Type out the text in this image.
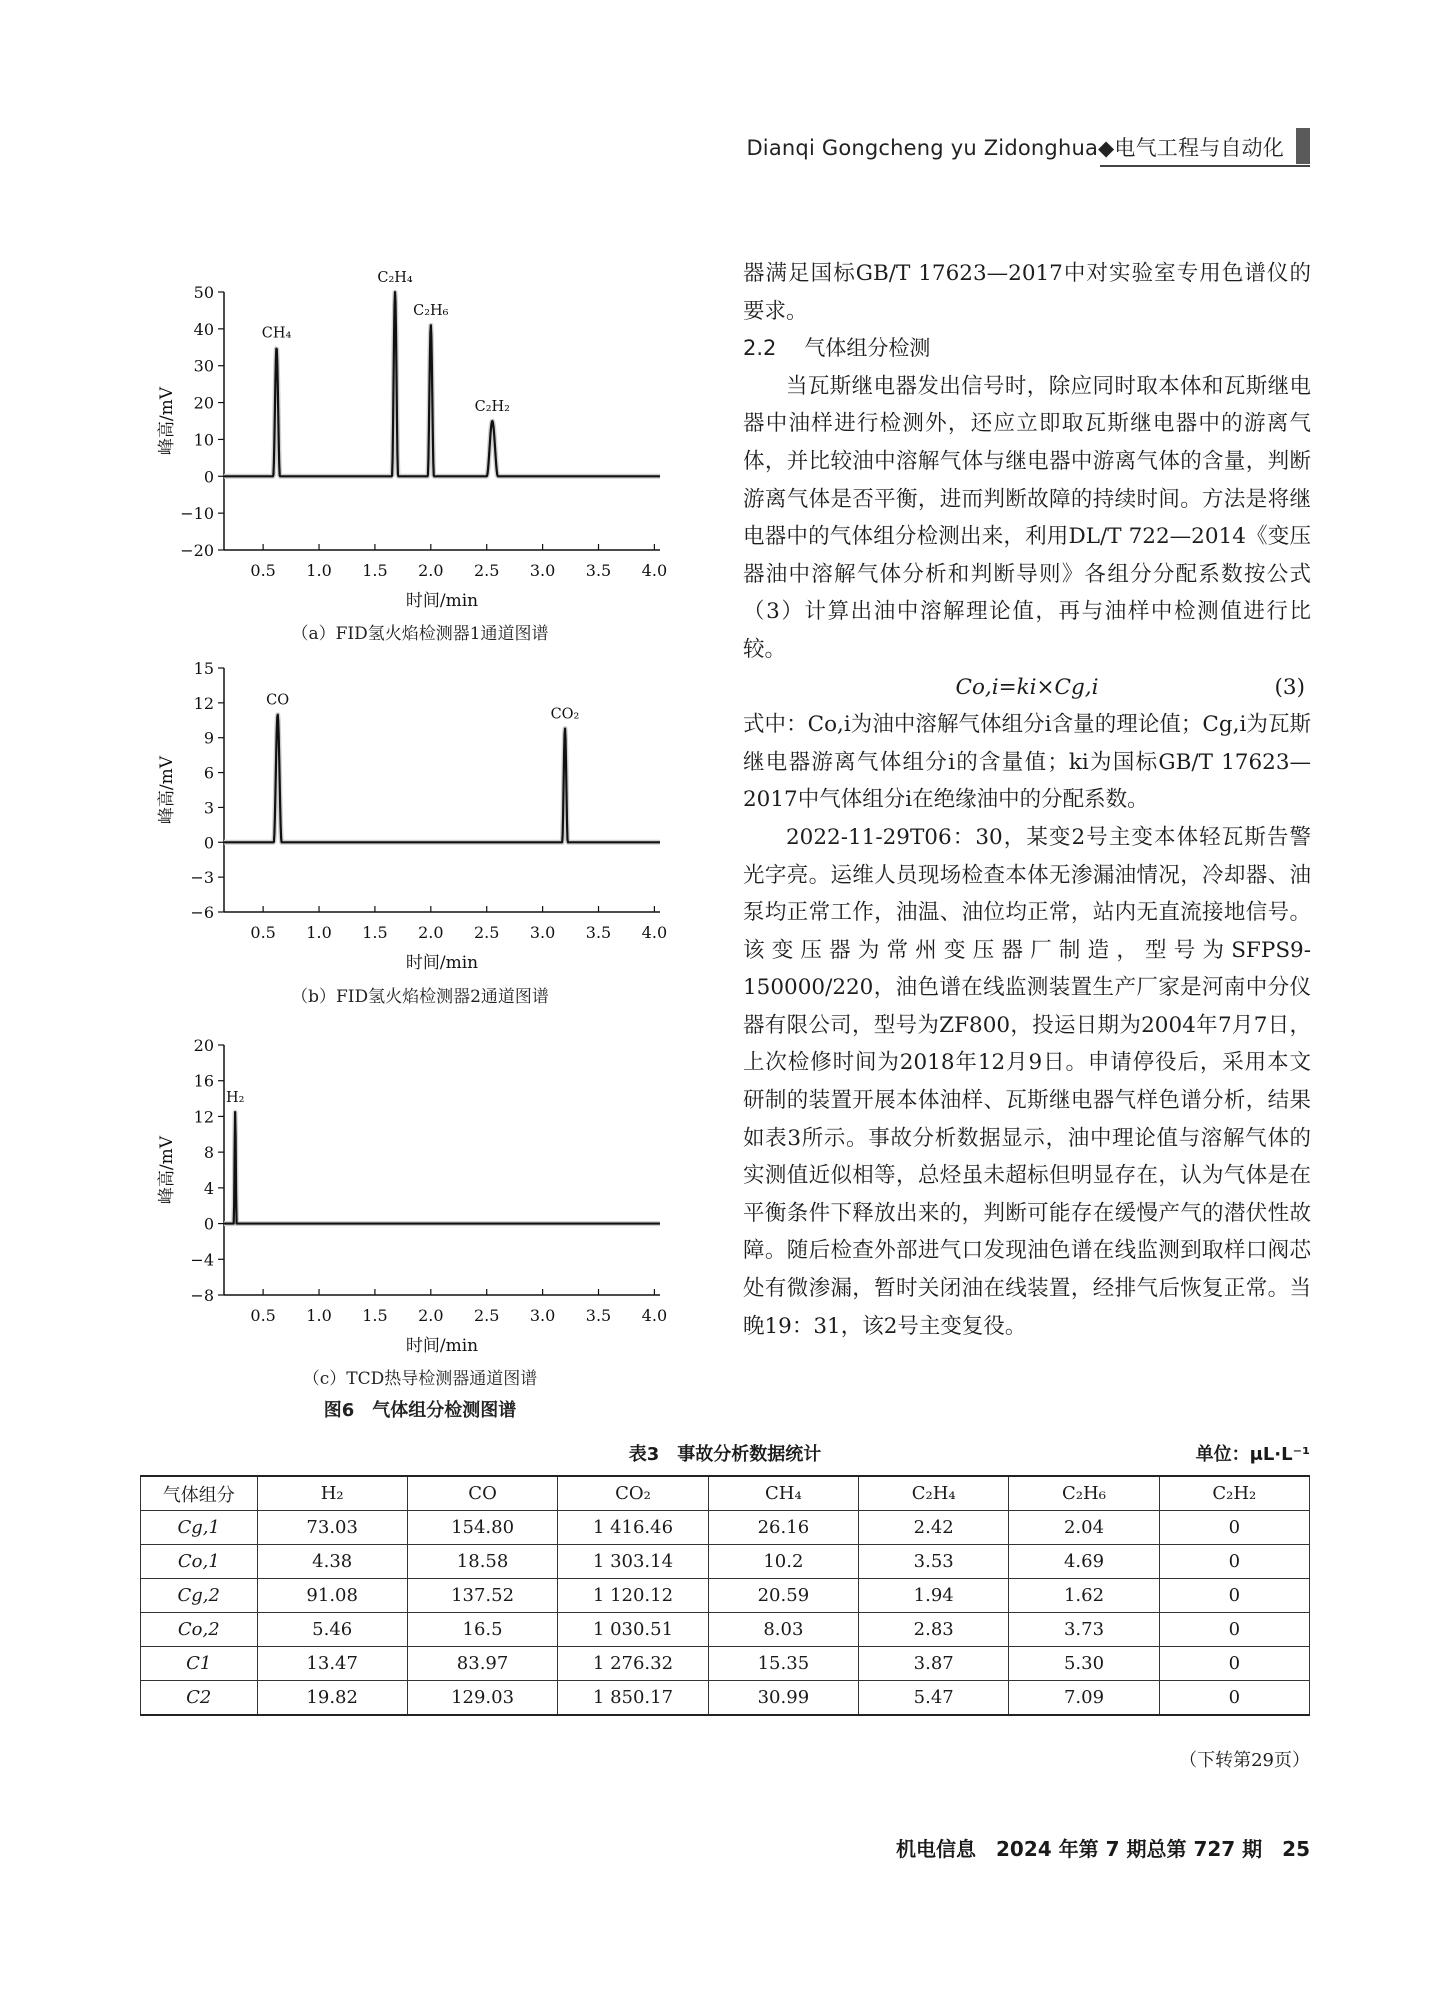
Dianqi Gongcheng yu Zidonghua◆电气工程与自动化
50
40
30
20
10
0
−10
−20
0.5 1.0 1.5 2.0 2.5 3.0 3.5 4.0
时间/min
峰高/mV
CH₄
C₂H₄
C₂H₆
C₂H₂
（a）FID氢火焰检测器1通道图谱
15
12
9
6
3
0
−3
−6
0.5 1.0 1.5 2.0 2.5 3.0 3.5 4.0
时间/min
峰高/mV
CO
CO₂
（b）FID氢火焰检测器2通道图谱
20
16
12
8
4
0
−4
−8
0.5 1.0 1.5 2.0 2.5 3.0 3.5 4.0
时间/min
峰高/mV
H₂
（c）TCD热导检测器通道图谱
图6　气体组分检测图谱

器满足国标GB/T 17623—2017中对实验室专用色谱仪的要求。

2.2 气体组分检测

当瓦斯继电器发出信号时，除应同时取本体和瓦斯继电器中油样进行检测外，还应立即取瓦斯继电器中的游离气体，并比较油中溶解气体与继电器中游离气体的含量，判断游离气体是否平衡，进而判断故障的持续时间。方法是将继电器中的气体组分检测出来，利用DL/T 722—2014《变压器油中溶解气体分析和判断导则》各组分分配系数按公式（3）计算出油中溶解理论值，再与油样中检测值进行比较。

Co,i=ki×Cg,i	(3)

式中：Co,i为油中溶解气体组分i含量的理论值；Cg,i为瓦斯继电器游离气体组分i的含量值；ki为国标GB/T 17623—2017中气体组分i在绝缘油中的分配系数。

2022-11-29T06：30，某变2号主变本体轻瓦斯告警光字亮。运维人员现场检查本体无渗漏油情况，冷却器、油泵均正常工作，油温、油位均正常，站内无直流接地信号。该变压器为常州变压器厂制造，型号为SFPS9-150000/220，油色谱在线监测装置生产厂家是河南中分仪器有限公司，型号为ZF800，投运日期为2004年7月7日，上次检修时间为2018年12月9日。申请停役后，采用本文研制的装置开展本体油样、瓦斯继电器气样色谱分析，结果如表3所示。事故分析数据显示，油中理论值与溶解气体的实测值近似相等，总烃虽未超标但明显存在，认为气体是在平衡条件下释放出来的，判断可能存在缓慢产气的潜伏性故障。随后检查外部进气口发现油色谱在线监测到取样口阀芯处有微渗漏，暂时关闭油在线装置，经排气后恢复正常。当晚19：31，该2号主变复役。

表3　事故分析数据统计	单位：μL·L⁻¹
气体组分	H₂	CO	CO₂	CH₄	C₂H₄	C₂H₆	C₂H₂
Cg,1	73.03	154.80	1 416.46	26.16	2.42	2.04	0
Co,1	4.38	18.58	1 303.14	10.2	3.53	4.69	0
Cg,2	91.08	137.52	1 120.12	20.59	1.94	1.62	0
Co,2	5.46	16.5	1 030.51	8.03	2.83	3.73	0
C1	13.47	83.97	1 276.32	15.35	3.87	5.30	0
C2	19.82	129.03	1 850.17	30.99	5.47	7.09	0
（下转第29页）
机电信息　2024 年第 7 期总第 727 期　25
